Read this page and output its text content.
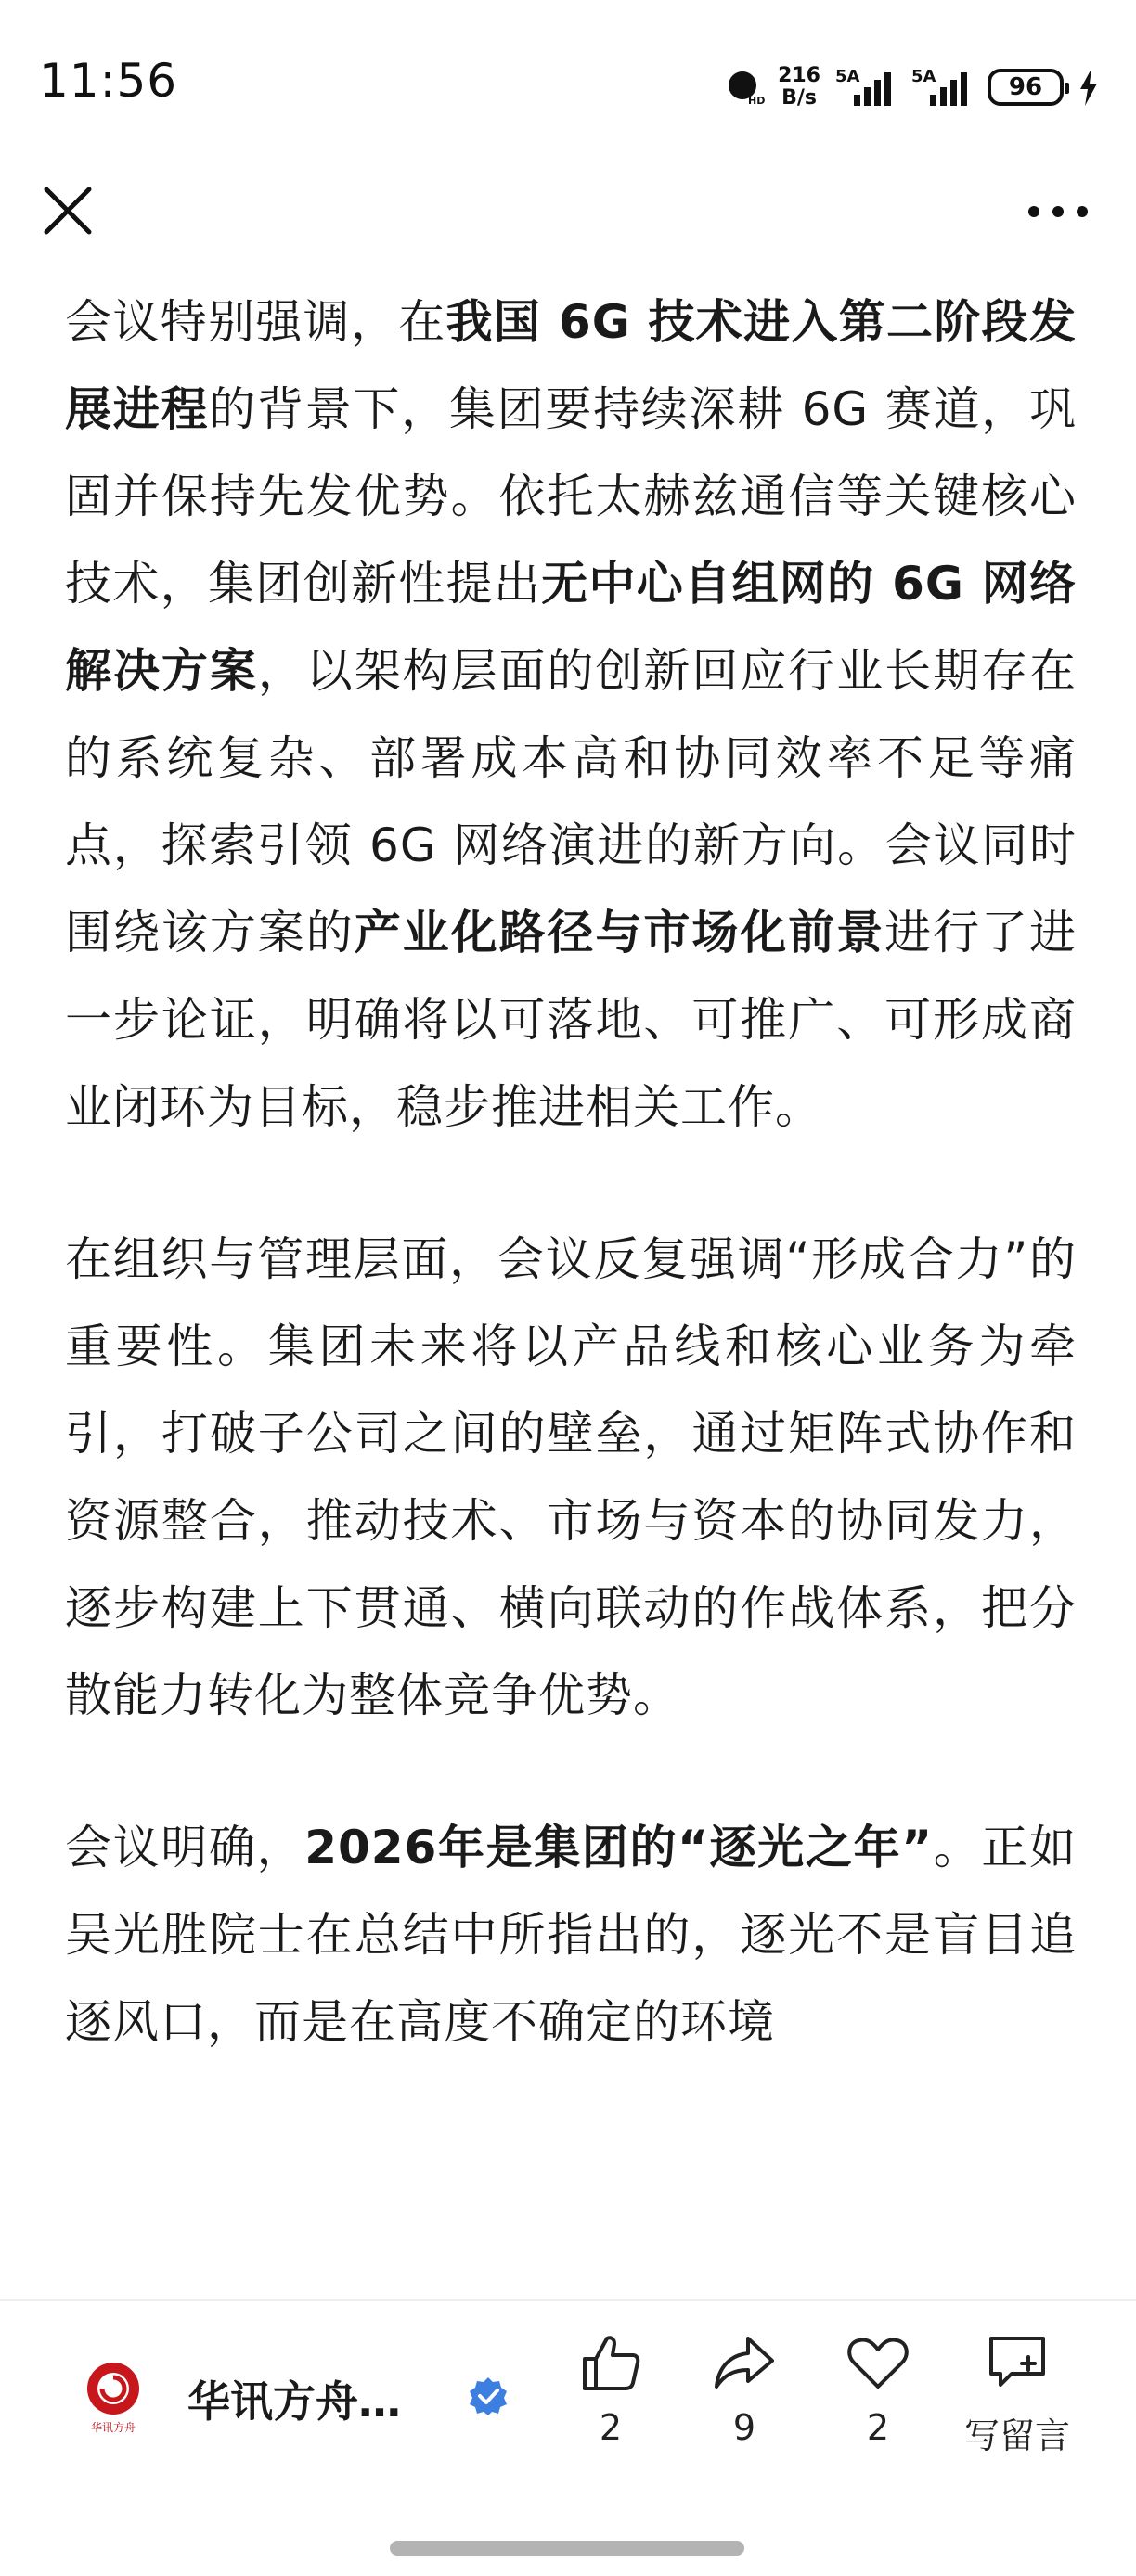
11:56	HD
216
B/s
5A	5A	96

会议特别强调，在我国 6G 技术进入第二阶段发展进程的背景下，集团要持续深耕 6G 赛道，巩固并保持先发优势。依托太赫兹通信等关键核心技术，集团创新性提出无中心自组网的 6G 网络解决方案，以架构层面的创新回应行业长期存在的系统复杂、部署成本高和协同效率不足等痛点，探索引领 6G 网络演进的新方向。会议同时围绕该方案的产业化路径与市场化前景进行了进一步论证，明确将以可落地、可推广、可形成商业闭环为目标，稳步推进相关工作。

在组织与管理层面，会议反复强调“形成合力”的重要性。集团未来将以产品线和核心业务为牵引，打破子公司之间的壁垒，通过矩阵式协作和资源整合，推动技术、市场与资本的协同发力，逐步构建上下贯通、横向联动的作战体系，把分散能力转化为整体竞争优势。

会议明确，2026年是集团的“逐光之年”。正如吴光胜院士在总结中所指出的，逐光不是盲目追逐风口，而是在高度不确定的环境

华讯方舟
华讯方舟…
2	9	2 写留言
